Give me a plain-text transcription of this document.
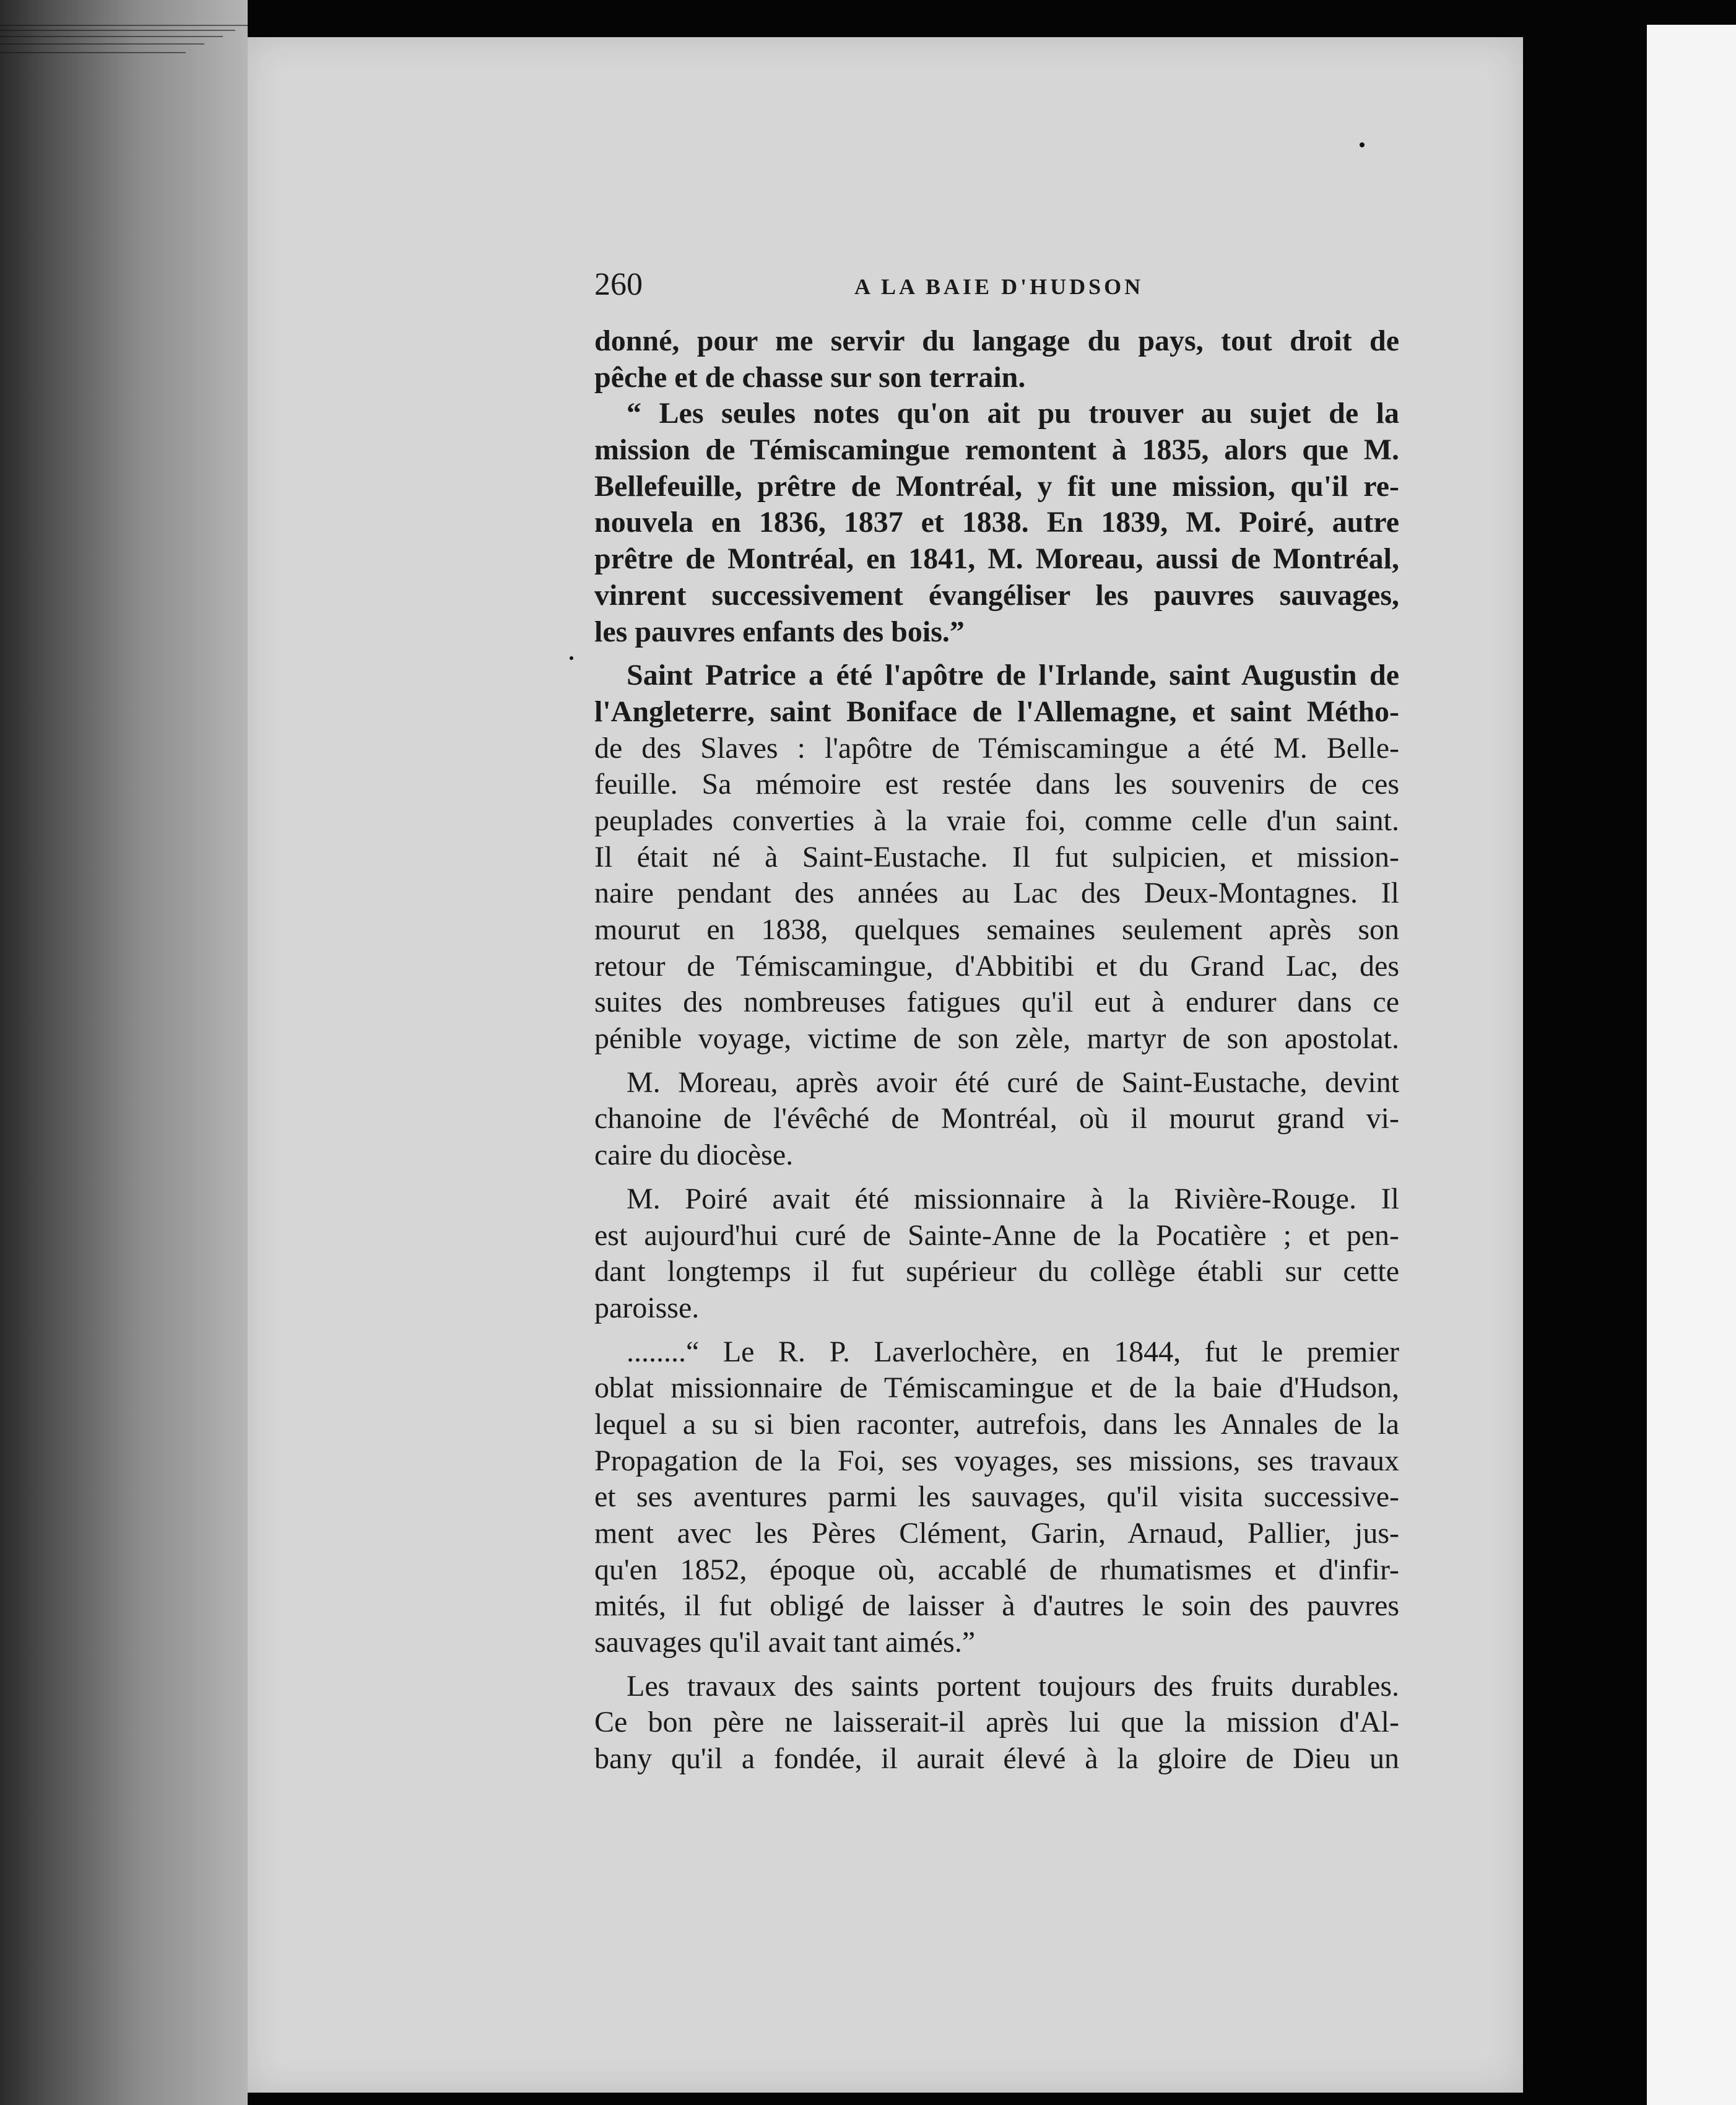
260	A LA BAIE D'HUDSON
donné, pour me servir du langage du pays, tout droit de
pêche et de chasse sur son terrain.
“ Les seules notes qu'on ait pu trouver au sujet de la
mission de Témiscamingue remontent à 1835, alors que M.
Bellefeuille, prêtre de Montréal, y fit une mission, qu'il re-
nouvela en 1836, 1837 et 1838. En 1839, M. Poiré, autre
prêtre de Montréal, en 1841, M. Moreau, aussi de Montréal,
vinrent successivement évangéliser les pauvres sauvages,
les pauvres enfants des bois.”
Saint Patrice a été l'apôtre de l'Irlande, saint Augustin de
l'Angleterre, saint Boniface de l'Allemagne, et saint Métho-
de des Slaves : l'apôtre de Témiscamingue a été M. Belle-
feuille. Sa mémoire est restée dans les souvenirs de ces
peuplades converties à la vraie foi, comme celle d'un saint.
Il était né à Saint-Eustache. Il fut sulpicien, et mission-
naire pendant des années au Lac des Deux-Montagnes. Il
mourut en 1838, quelques semaines seulement après son
retour de Témiscamingue, d'Abbitibi et du Grand Lac, des
suites des nombreuses fatigues qu'il eut à endurer dans ce
pénible voyage, victime de son zèle, martyr de son apostolat.
M. Moreau, après avoir été curé de Saint-Eustache, devint
chanoine de l'évêché de Montréal, où il mourut grand vi-
caire du diocèse.
M. Poiré avait été missionnaire à la Rivière-Rouge. Il
est aujourd'hui curé de Sainte-Anne de la Pocatière ; et pen-
dant longtemps il fut supérieur du collège établi sur cette
paroisse.
........“ Le R. P. Laverlochère, en 1844, fut le premier
oblat missionnaire de Témiscamingue et de la baie d'Hudson,
lequel a su si bien raconter, autrefois, dans les Annales de la
Propagation de la Foi, ses voyages, ses missions, ses travaux
et ses aventures parmi les sauvages, qu'il visita successive-
ment avec les Pères Clément, Garin, Arnaud, Pallier, jus-
qu'en 1852, époque où, accablé de rhumatismes et d'infir-
mités, il fut obligé de laisser à d'autres le soin des pauvres
sauvages qu'il avait tant aimés.”
Les travaux des saints portent toujours des fruits durables.
Ce bon père ne laisserait-il après lui que la mission d'Al-
bany qu'il a fondée, il aurait élevé à la gloire de Dieu un
